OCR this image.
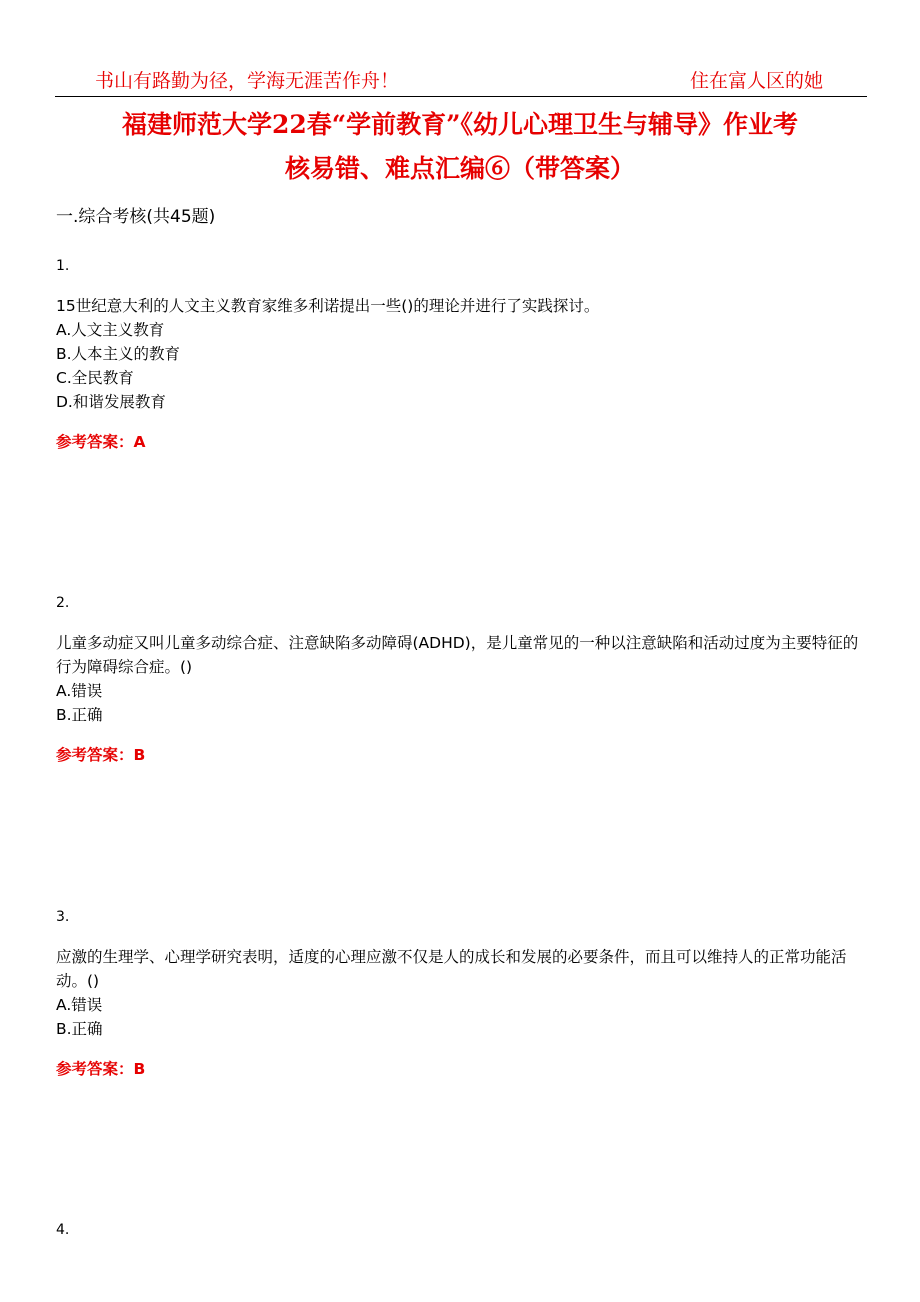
书山有路勤为径，学海无涯苦作舟！	住在富人区的她
福建师范大学22春“学前教育”《幼儿心理卫生与辅导》作业考
核易错、难点汇编⑥（带答案）
一.综合考核(共45题)
1.
15世纪意大利的人文主义教育家维多利诺提出一些()的理论并进行了实践探讨。
A.人文主义教育
B.人本主义的教育
C.全民教育
D.和谐发展教育
参考答案：A
2.
儿童多动症又叫儿童多动综合症、注意缺陷多动障碍(ADHD)，是儿童常见的一种以注意缺陷和活动过度为主要特征的行为障碍综合症。()
A.错误
B.正确
参考答案：B
3.
应激的生理学、心理学研究表明，适度的心理应激不仅是人的成长和发展的必要条件，而且可以维持人的正常功能活动。()
A.错误
B.正确
参考答案：B
4.
